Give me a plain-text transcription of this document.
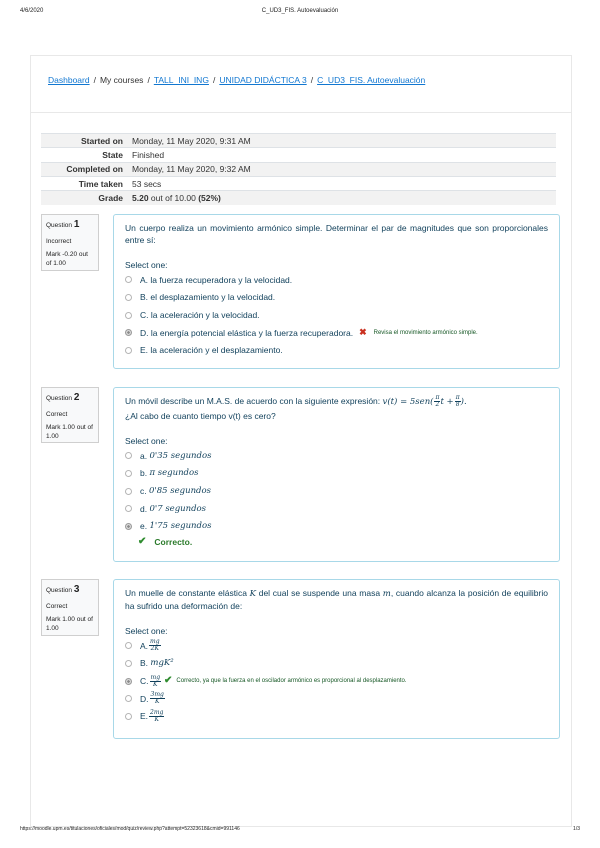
4/6/2020	C_UD3_FIS. Autoevaluación
Dashboard / My courses / TALL_INI_ING / UNIDAD DIDÁCTICA 3 / C_UD3_FIS. Autoevaluación
Started on	Monday, 11 May 2020, 9:31 AM
State	Finished
Completed on	Monday, 11 May 2020, 9:32 AM
Time taken	53 secs
Grade	5.20 out of 10.00 (52%)
Question 1
Incorrect
Mark -0.20 out of 1.00
Un cuerpo realiza un movimiento armónico simple. Determinar el par de magnitudes que son proporcionales entre sí:
Select one:
A. la fuerza recuperadora y la velocidad.
B. el desplazamiento y la velocidad.
C. la aceleración y la velocidad.
D. la energía potencial elástica y la fuerza recuperadora. ✖ Revisa el movimiento armónico simple.
E. la aceleración y el desplazamiento.
Question 2
Correct
Mark 1.00 out of 1.00
Un móvil describe un M.A.S. de acuerdo con la siguiente expresión: $v(t) = 5sen( \frac{\pi}{2}$ $t + \frac{\pi}{8}$ ).
¿Al cabo de cuanto tiempo v(t) es cero?
Select one:
a.
0'35 segundos
b.
π segundos
c.
0'85 segundos
d.
0'7 segundos
e.
1'75 segundos
✔ Correcto.
Question 3
Correct
Mark 1.00 out of 1.00
Un muelle de constante elástica K del cual se suspende una masa m, cuando alcanza la posición de equilibrio ha sufrido una deformación de:
Select one:
A. $\frac{mg}{2K}$
B.
mgK²
C. $\frac{mg}{K}$ ✔ Correcto, ya que la fuerza en el oscilador armónico es proporcional al desplazamiento.
D. $\frac{3mg}{K}$
E. $\frac{2mg}{K}$
https://moodle.upm.es/titulaciones/oficiales/mod/quiz/review.php?attempt=52323618&cmid=991146	1/3
